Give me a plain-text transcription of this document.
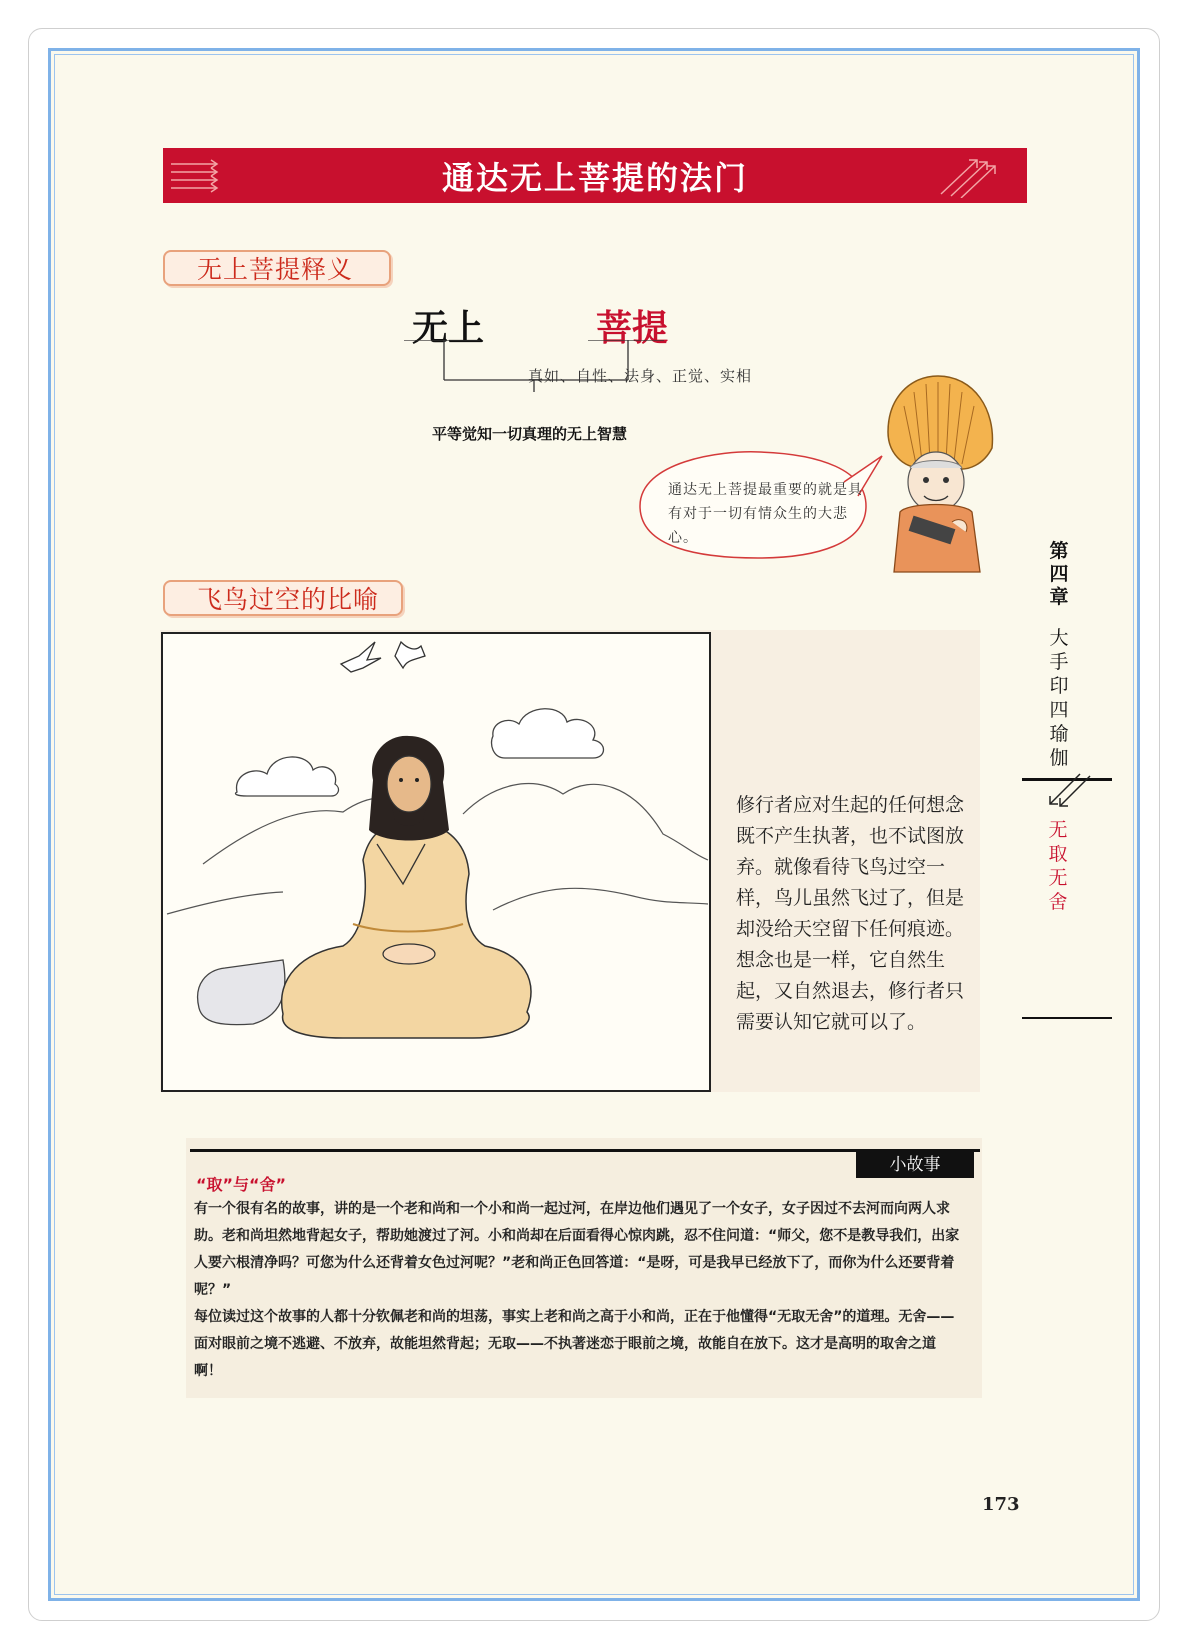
通达无上菩提的法门
无上菩提释义
无上	菩提
真如、自性、法身、正觉、实相
平等觉知一切真理的无上智慧
通达无上菩提最重要的就是具有对于一切有情众生的大悲心。
第四章
大手印四瑜伽
无取无舍
飞鸟过空的比喻
修行者应对生起的任何想念既不产生执著，也不试图放弃。就像看待飞鸟过空一样，鸟儿虽然飞过了，但是却没给天空留下任何痕迹。想念也是一样，它自然生起，又自然退去，修行者只需要认知它就可以了。
小故事
“取”与“舍”

有一个很有名的故事，讲的是一个老和尚和一个小和尚一起过河，在岸边他们遇见了一个女子，女子因过不去河而向两人求助。老和尚坦然地背起女子，帮助她渡过了河。小和尚却在后面看得心惊肉跳，忍不住问道：“师父，您不是教导我们，出家人要六根清净吗？可您为什么还背着女色过河呢？”老和尚正色回答道：“是呀，可是我早已经放下了，而你为什么还要背着呢？”

每位读过这个故事的人都十分钦佩老和尚的坦荡，事实上老和尚之高于小和尚，正在于他懂得“无取无舍”的道理。无舍——面对眼前之境不逃避、不放弃，故能坦然背起；无取——不执著迷恋于眼前之境，故能自在放下。这才是高明的取舍之道啊！

173
